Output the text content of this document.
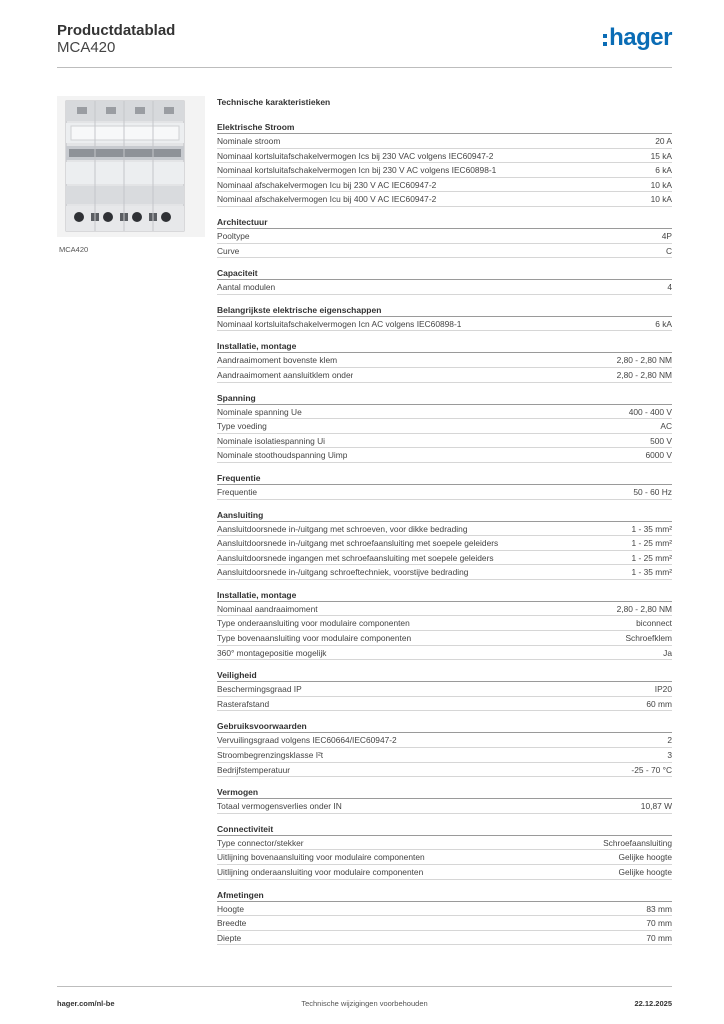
Productdatablad
MCA420	hager
MCA420
Technische karakteristieken
Elektrische Stroom
Nominale stroom	20 A
Nominaal kortsluitafschakelvermogen Ics bij 230 VAC volgens IEC60947-2	15 kA
Nominaal kortsluitafschakelvermogen Icn bij 230 V AC volgens IEC60898-1	6 kA
Nominaal afschakelvermogen Icu bij 230 V AC IEC60947-2	10 kA
Nominaal afschakelvermogen Icu bij 400 V AC IEC60947-2	10 kA
Architectuur
Pooltype	4P
Curve	C
Capaciteit
Aantal modulen	4
Belangrijkste elektrische eigenschappen
Nominaal kortsluitafschakelvermogen Icn AC volgens IEC60898-1	6 kA
Installatie, montage
Aandraaimoment bovenste klem	2,80 - 2,80 NM
Aandraaimoment aansluitklem onder	2,80 - 2,80 NM
Spanning
Nominale spanning Ue	400 - 400 V
Type voeding	AC
Nominale isolatiespanning Ui	500 V
Nominale stoothoudspanning Uimp	6000 V
Frequentie
Frequentie	50 - 60 Hz
Aansluiting
Aansluitdoorsnede in-/uitgang met schroeven, voor dikke bedrading	1 - 35 mm²
Aansluitdoorsnede in-/uitgang met schroefaansluiting met soepele geleiders	1 - 25 mm²
Aansluitdoorsnede ingangen met schroefaansluiting met soepele geleiders	1 - 25 mm²
Aansluitdoorsnede in-/uitgang schroeftechniek, voorstijve bedrading	1 - 35 mm²
Installatie, montage
Nominaal aandraaimoment	2,80 - 2,80 NM
Type onderaansluiting voor modulaire componenten	biconnect
Type bovenaansluiting voor modulaire componenten	Schroefklem
360° montagepositie mogelijk	Ja
Veiligheid
Beschermingsgraad IP	IP20
Rasterafstand	60 mm
Gebruiksvoorwaarden
Vervuilingsgraad volgens IEC60664/IEC60947-2	2
Stroombegrenzingsklasse I²t	3
Bedrijfstemperatuur	-25 - 70 °C
Vermogen
Totaal vermogensverlies onder IN	10,87 W
Connectiviteit
Type connector/stekker	Schroefaansluiting
Uitlijning bovenaansluiting voor modulaire componenten	Gelijke hoogte
Uitlijning onderaansluiting voor modulaire componenten	Gelijke hoogte
Afmetingen
Hoogte	83 mm
Breedte	70 mm
Diepte	70 mm
hager.com/nl-be	Technische wijzigingen voorbehouden	22.12.2025
